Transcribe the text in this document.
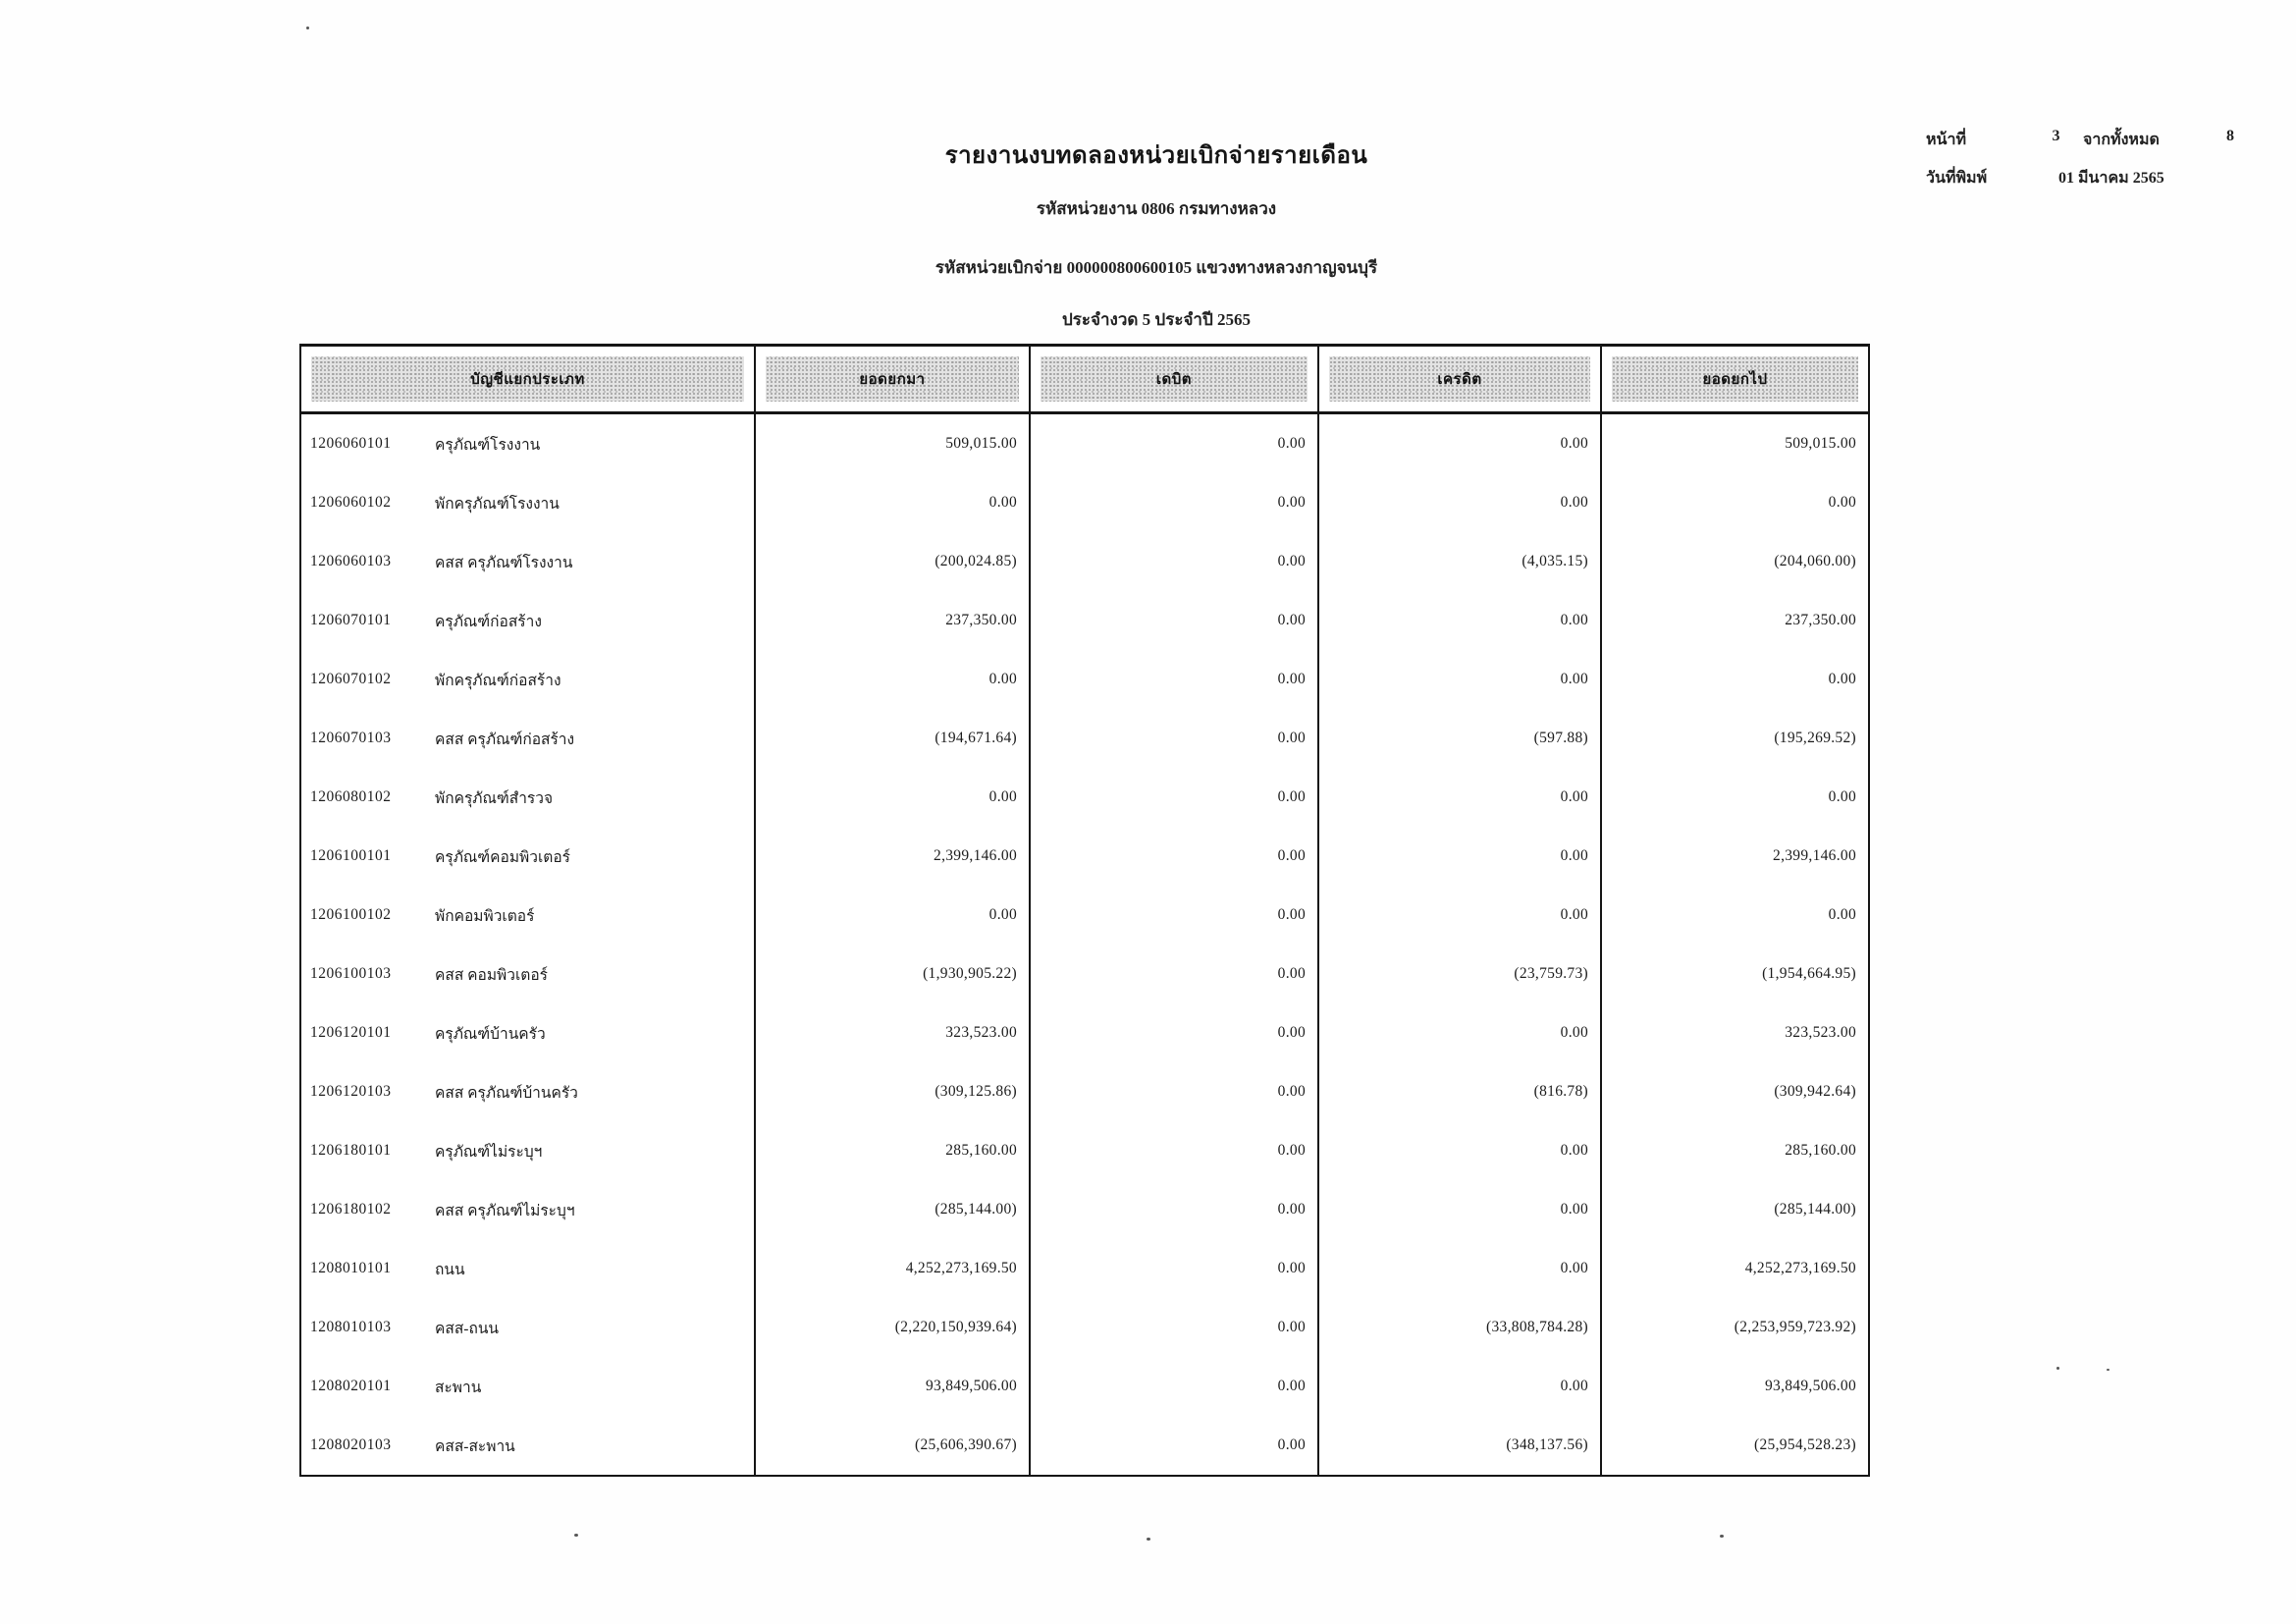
รายงานงบทดลองหน่วยเบิกจ่ายรายเดือน
รหัสหน่วยงาน 0806 กรมทางหลวง
รหัสหน่วยเบิกจ่าย 000000800600105 แขวงทางหลวงกาญจนบุรี
ประจำงวด 5 ประจำปี 2565
หน้าที่	3	จากทั้งหมด	8
วันที่พิมพ์	01 มีนาคม 2565
บัญชีแยกประเภท	ยอดยกมา	เดบิต	เครดิต	ยอดยกไป
1206060101	ครุภัณฑ์โรงงาน	509,015.00	0.00	0.00	509,015.00
1206060102	พักครุภัณฑ์โรงงาน	0.00	0.00	0.00	0.00
1206060103	คสส ครุภัณฑ์โรงงาน	(200,024.85)	0.00	(4,035.15)	(204,060.00)
1206070101	ครุภัณฑ์ก่อสร้าง	237,350.00	0.00	0.00	237,350.00
1206070102	พักครุภัณฑ์ก่อสร้าง	0.00	0.00	0.00	0.00
1206070103	คสส ครุภัณฑ์ก่อสร้าง	(194,671.64)	0.00	(597.88)	(195,269.52)
1206080102	พักครุภัณฑ์สำรวจ	0.00	0.00	0.00	0.00
1206100101	ครุภัณฑ์คอมพิวเตอร์	2,399,146.00	0.00	0.00	2,399,146.00
1206100102	พักคอมพิวเตอร์	0.00	0.00	0.00	0.00
1206100103	คสส คอมพิวเตอร์	(1,930,905.22)	0.00	(23,759.73)	(1,954,664.95)
1206120101	ครุภัณฑ์บ้านครัว	323,523.00	0.00	0.00	323,523.00
1206120103	คสส ครุภัณฑ์บ้านครัว	(309,125.86)	0.00	(816.78)	(309,942.64)
1206180101	ครุภัณฑ์ไม่ระบุฯ	285,160.00	0.00	0.00	285,160.00
1206180102	คสส ครุภัณฑ์ไม่ระบุฯ	(285,144.00)	0.00	0.00	(285,144.00)
1208010101	ถนน	4,252,273,169.50	0.00	0.00	4,252,273,169.50
1208010103	คสส-ถนน	(2,220,150,939.64)	0.00	(33,808,784.28)	(2,253,959,723.92)
1208020101	สะพาน	93,849,506.00	0.00	0.00	93,849,506.00
1208020103	คสส-สะพาน	(25,606,390.67)	0.00	(348,137.56)	(25,954,528.23)
